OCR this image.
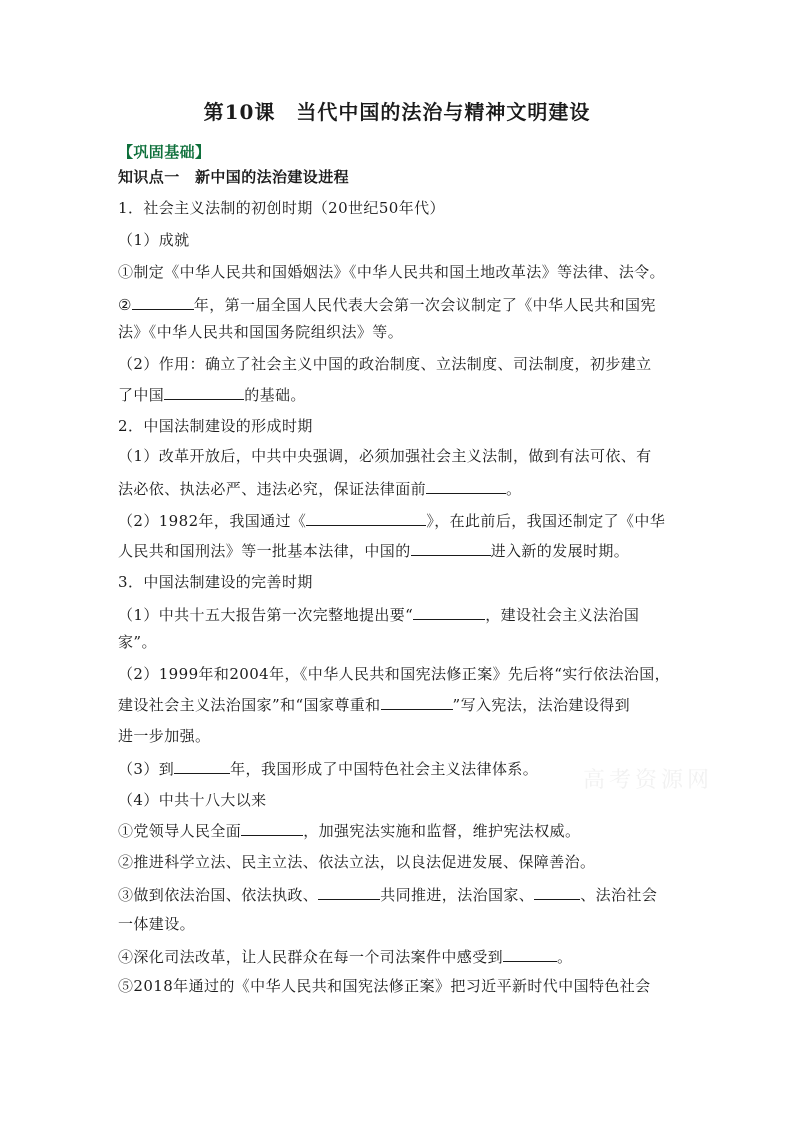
第10课　当代中国的法治与精神文明建设
【巩固基础】
知识点一　新中国的法治建设进程
1．社会主义法制的初创时期（20世纪50年代）
（1）成就
①制定《中华人民共和国婚姻法》《中华人民共和国土地改革法》等法律、法令。
②	年，第一届全国人民代表大会第一次会议制定了《中华人民共和国宪
法》《中华人民共和国国务院组织法》等。
（2）作用：确立了社会主义中国的政治制度、立法制度、司法制度，初步建立
了中国	的基础。
2．中国法制建设的形成时期
（1）改革开放后，中共中央强调，必须加强社会主义法制，做到有法可依、有
法必依、执法必严、违法必究，保证法律面前	。
（2）1982年，我国通过《	》，在此前后，我国还制定了《中华
人民共和国刑法》等一批基本法律，中国的	进入新的发展时期。
3．中国法制建设的完善时期
（1）中共十五大报告第一次完整地提出要“	，建设社会主义法治国
家”。
（2）1999年和2004年，《中华人民共和国宪法修正案》先后将“实行依法治国，
建设社会主义法治国家”和“国家尊重和	”写入宪法，法治建设得到
进一步加强。
（3）到	年，我国形成了中国特色社会主义法律体系。
（4）中共十八大以来
①党领导人民全面	，加强宪法实施和监督，维护宪法权威。
②推进科学立法、民主立法、依法立法，以良法促进发展、保障善治。
③做到依法治国、依法执政、	共同推进，法治国家、	、法治社会
一体建设。
④深化司法改革，让人民群众在每一个司法案件中感受到	。
⑤2018年通过的《中华人民共和国宪法修正案》把习近平新时代中国特色社会
高考资源网
